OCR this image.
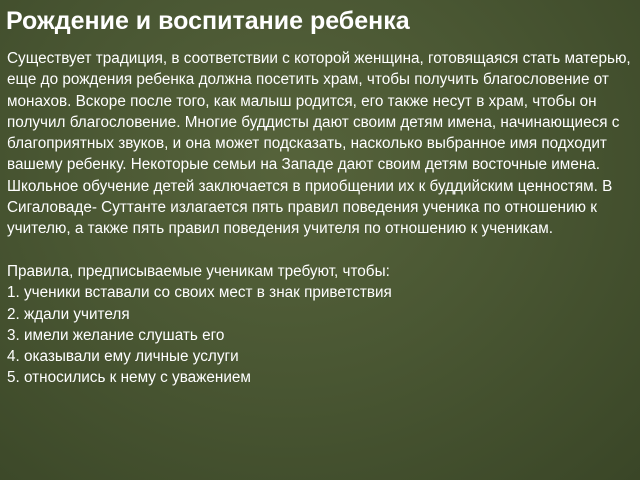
Рождение и воспитание ребенка

Существует традиция, в соответствии с которой женщина, готовящаяся стать матерью, еще до рождения ребенка должна посетить храм, чтобы получить благословение от монахов. Вскоре после того, как малыш родится, его также несут в храм, чтобы он получил благословение. Многие буддисты дают своим детям имена, начинающиеся с благоприятных звуков, и она может подсказать, насколько выбранное имя подходит вашему ребенку. Некоторые семьи на Западе дают своим детям восточные имена. Школьное обучение детей заключается в приобщении их к буддийским ценностям. В Сигаловаде- Суттанте излагается пять правил поведения ученика по отношению к учителю, а также пять правил поведения учителя по отношению к ученикам.

Правила, предписываемые ученикам требуют, чтобы:

1. ученики вставали со своих мест в знак приветствия
2. ждали учителя
3. имели желание слушать его
4. оказывали ему личные услуги
5. относились к нему с уважением
